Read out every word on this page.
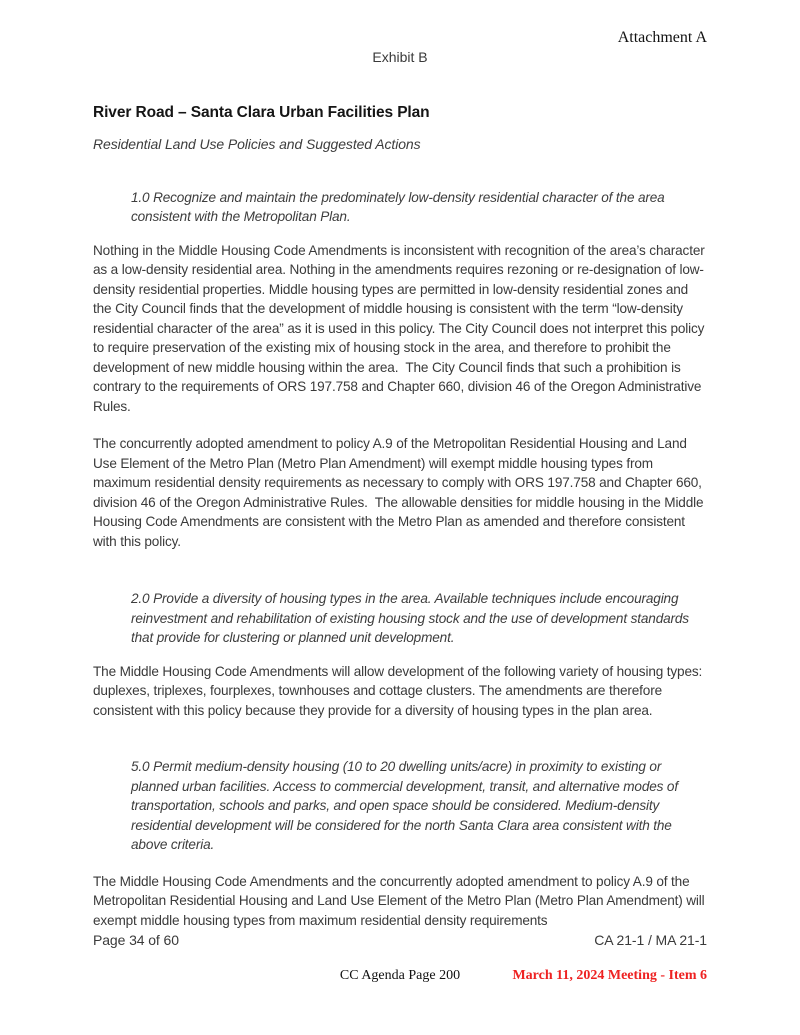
Attachment A
Exhibit B
River Road – Santa Clara Urban Facilities Plan
Residential Land Use Policies and Suggested Actions
1.0 Recognize and maintain the predominately low-density residential character of the area consistent with the Metropolitan Plan.
Nothing in the Middle Housing Code Amendments is inconsistent with recognition of the area’s character as a low-density residential area. Nothing in the amendments requires rezoning or re-designation of low-density residential properties. Middle housing types are permitted in low-density residential zones and the City Council finds that the development of middle housing is consistent with the term “low-density residential character of the area” as it is used in this policy. The City Council does not interpret this policy to require preservation of the existing mix of housing stock in the area, and therefore to prohibit the development of new middle housing within the area.  The City Council finds that such a prohibition is contrary to the requirements of ORS 197.758 and Chapter 660, division 46 of the Oregon Administrative Rules.
The concurrently adopted amendment to policy A.9 of the Metropolitan Residential Housing and Land Use Element of the Metro Plan (Metro Plan Amendment) will exempt middle housing types from maximum residential density requirements as necessary to comply with ORS 197.758 and Chapter 660, division 46 of the Oregon Administrative Rules.  The allowable densities for middle housing in the Middle Housing Code Amendments are consistent with the Metro Plan as amended and therefore consistent with this policy.
2.0 Provide a diversity of housing types in the area. Available techniques include encouraging reinvestment and rehabilitation of existing housing stock and the use of development standards that provide for clustering or planned unit development.
The Middle Housing Code Amendments will allow development of the following variety of housing types: duplexes, triplexes, fourplexes, townhouses and cottage clusters. The amendments are therefore consistent with this policy because they provide for a diversity of housing types in the plan area.
5.0 Permit medium-density housing (10 to 20 dwelling units/acre) in proximity to existing or planned urban facilities. Access to commercial development, transit, and alternative modes of transportation, schools and parks, and open space should be considered. Medium-density residential development will be considered for the north Santa Clara area consistent with the above criteria.
The Middle Housing Code Amendments and the concurrently adopted amendment to policy A.9 of the Metropolitan Residential Housing and Land Use Element of the Metro Plan (Metro Plan Amendment) will exempt middle housing types from maximum residential density requirements
Page 34 of 60	CA 21-1 / MA 21-1
CC Agenda Page 200	March 11, 2024 Meeting - Item 6
